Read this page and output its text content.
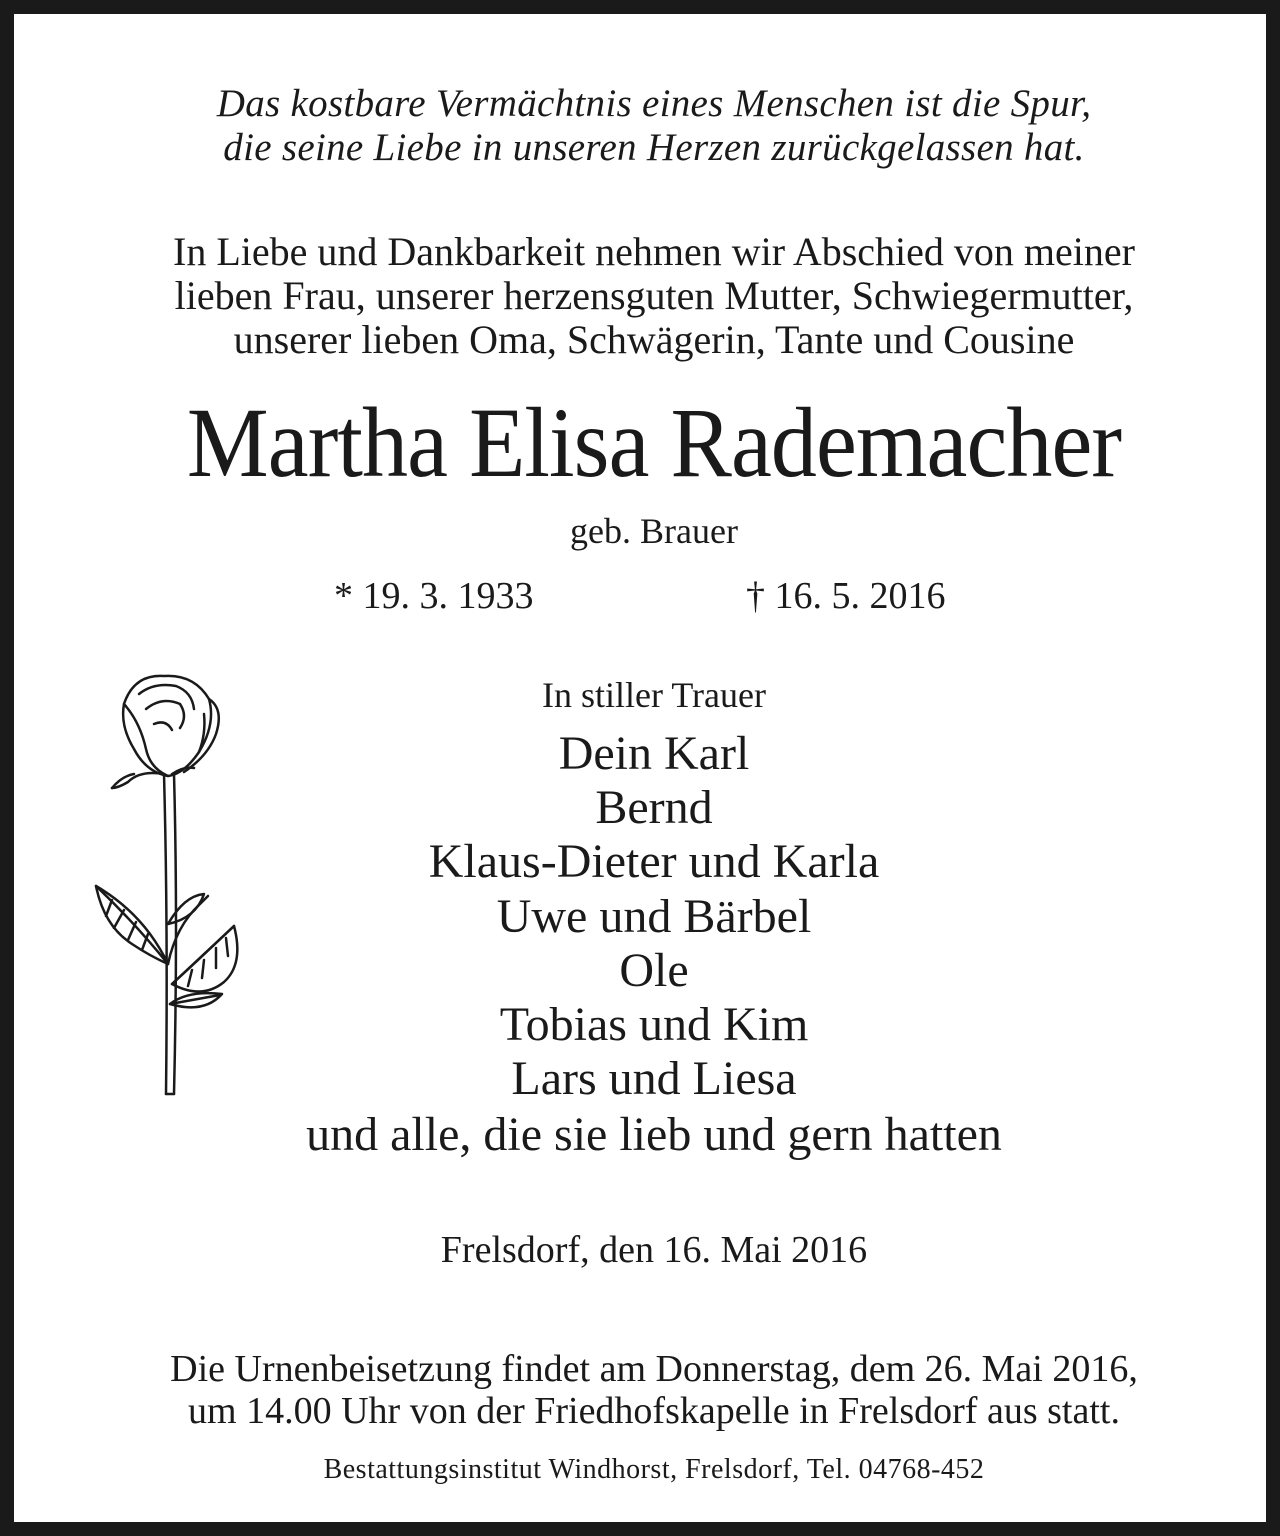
Das kostbare Vermächtnis eines Menschen ist die Spur,
die seine Liebe in unseren Herzen zurückgelassen hat.
In Liebe und Dankbarkeit nehmen wir Abschied von meiner
lieben Frau, unserer herzensguten Mutter, Schwiegermutter,
unserer lieben Oma, Schwägerin, Tante und Cousine
Martha Elisa Rademacher
geb. Brauer
* 19. 3. 1933	† 16. 5. 2016
In stiller Trauer
Dein Karl
Bernd
Klaus-Dieter und Karla
Uwe und Bärbel
Ole
Tobias und Kim
Lars und Liesa
und alle, die sie lieb und gern hatten
Frelsdorf, den 16. Mai 2016
Die Urnenbeisetzung findet am Donnerstag, dem 26. Mai 2016,
um 14.00 Uhr von der Friedhofskapelle in Frelsdorf aus statt.
Bestattungsinstitut Windhorst, Frelsdorf, Tel. 04768-452
